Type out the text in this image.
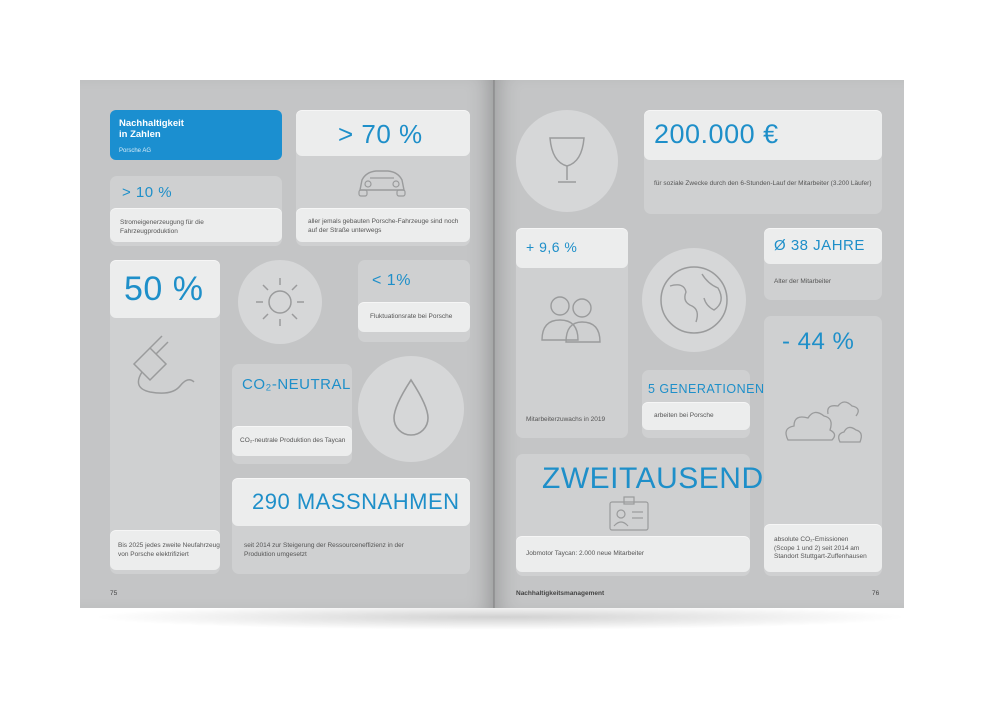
Nachhaltigkeit
in Zahlen
Porsche AG
> 10 %
Stromeigenerzeugung für die
Fahrzeugproduktion
> 70 %
aller jemals gebauten Porsche-Fahrzeuge sind noch
auf der Straße unterwegs
50 %
Bis 2025 jedes zweite Neufahrzeug
von Porsche elektrifiziert
< 1%
Fluktuationsrate bei Porsche
CO₂-NEUTRAL
CO₂-neutrale Produktion des Taycan
290 MASSNAHMEN
seit 2014 zur Steigerung der Ressourceneffizienz in der
Produktion umgesetzt
75
200.000 €
für soziale Zwecke durch den 6-Stunden-Lauf der Mitarbeiter (3.200 Läufer)
+ 9,6 %
Mitarbeiterzuwachs in 2019
Ø 38 JAHRE
Alter der Mitarbeiter
- 44 %
absolute CO₂-Emissionen
(Scope 1 und 2) seit 2014 am
Standort Stuttgart-Zuffenhausen
5 GENERATIONEN
arbeiten bei Porsche
ZWEITAUSEND
Jobmotor Taycan: 2.000 neue Mitarbeiter
Nachhaltigkeitsmanagement	76
